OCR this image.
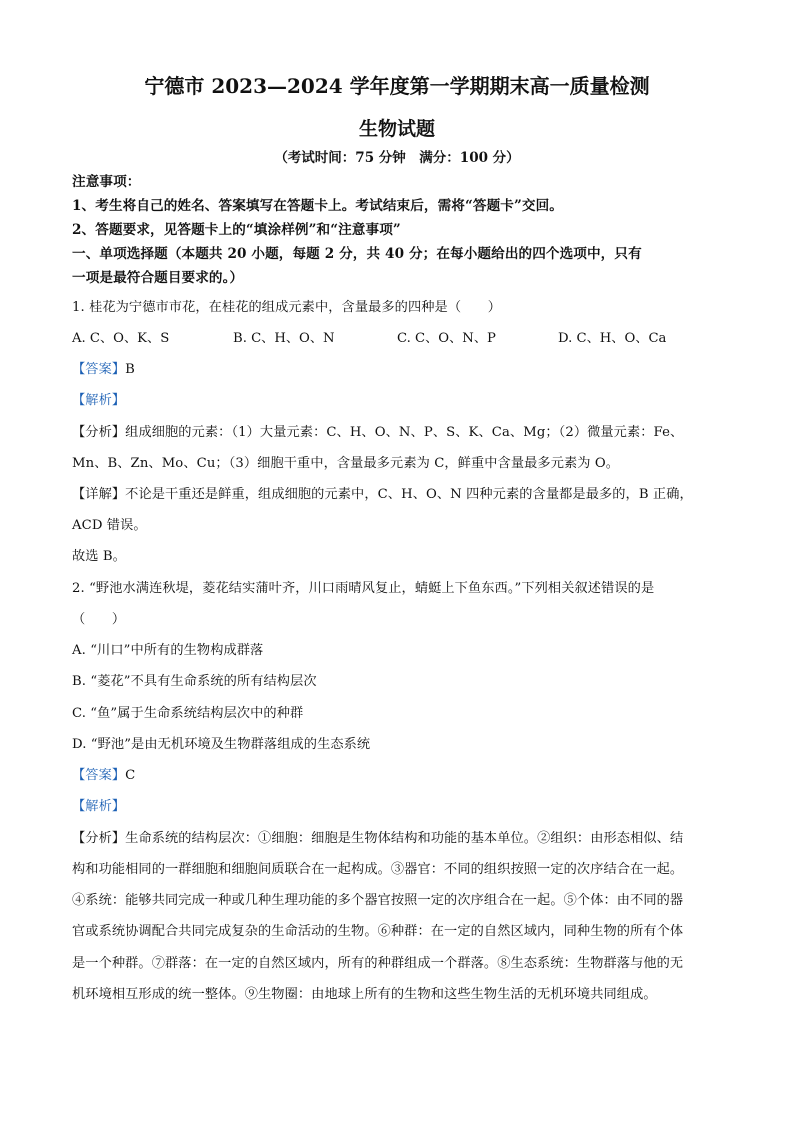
宁德市 2023—2024 学年度第一学期期末高一质量检测
生物试题
（考试时间：75 分钟　满分：100 分）
注意事项：
1、考生将自己的姓名、答案填写在答题卡上。考试结束后，需将“答题卡”交回。
2、答题要求，见答题卡上的“填涂样例”和“注意事项”
一、单项选择题（本题共 20 小题，每题 2 分，共 40 分；在每小题给出的四个选项中，只有
一项是最符合题目要求的。）
1. 桂花为宁德市市花，在桂花的组成元素中，含量最多的四种是（　　）
A. C、O、K、S	B. C、H、O、N	C. C、O、N、P	D. C、H、O、Ca
【答案】B
【解析】
【分析】组成细胞的元素：（1）大量元素：C、H、O、N、P、S、K、Ca、Mg；（2）微量元素：Fe、
Mn、B、Zn、Mo、Cu；（3）细胞干重中，含量最多元素为 C，鲜重中含量最多元素为 O。
【详解】不论是干重还是鲜重，组成细胞的元素中，C、H、O、N 四种元素的含量都是最多的，B 正确，
ACD 错误。
故选 B。
2. “野池水满连秋堤，菱花结实蒲叶齐，川口雨晴风复止，蜻蜓上下鱼东西。”下列相关叙述错误的是
（　　）
A. “川口”中所有的生物构成群落
B. “菱花”不具有生命系统的所有结构层次
C. “鱼”属于生命系统结构层次中的种群
D. “野池”是由无机环境及生物群落组成的生态系统
【答案】C
【解析】
【分析】生命系统的结构层次：①细胞：细胞是生物体结构和功能的基本单位。②组织：由形态相似、结
构和功能相同的一群细胞和细胞间质联合在一起构成。③器官：不同的组织按照一定的次序结合在一起。
④系统：能够共同完成一种或几种生理功能的多个器官按照一定的次序组合在一起。⑤个体：由不同的器
官或系统协调配合共同完成复杂的生命活动的生物。⑥种群：在一定的自然区域内，同种生物的所有个体
是一个种群。⑦群落：在一定的自然区域内，所有的种群组成一个群落。⑧生态系统：生物群落与他的无
机环境相互形成的统一整体。⑨生物圈：由地球上所有的生物和这些生物生活的无机环境共同组成。
